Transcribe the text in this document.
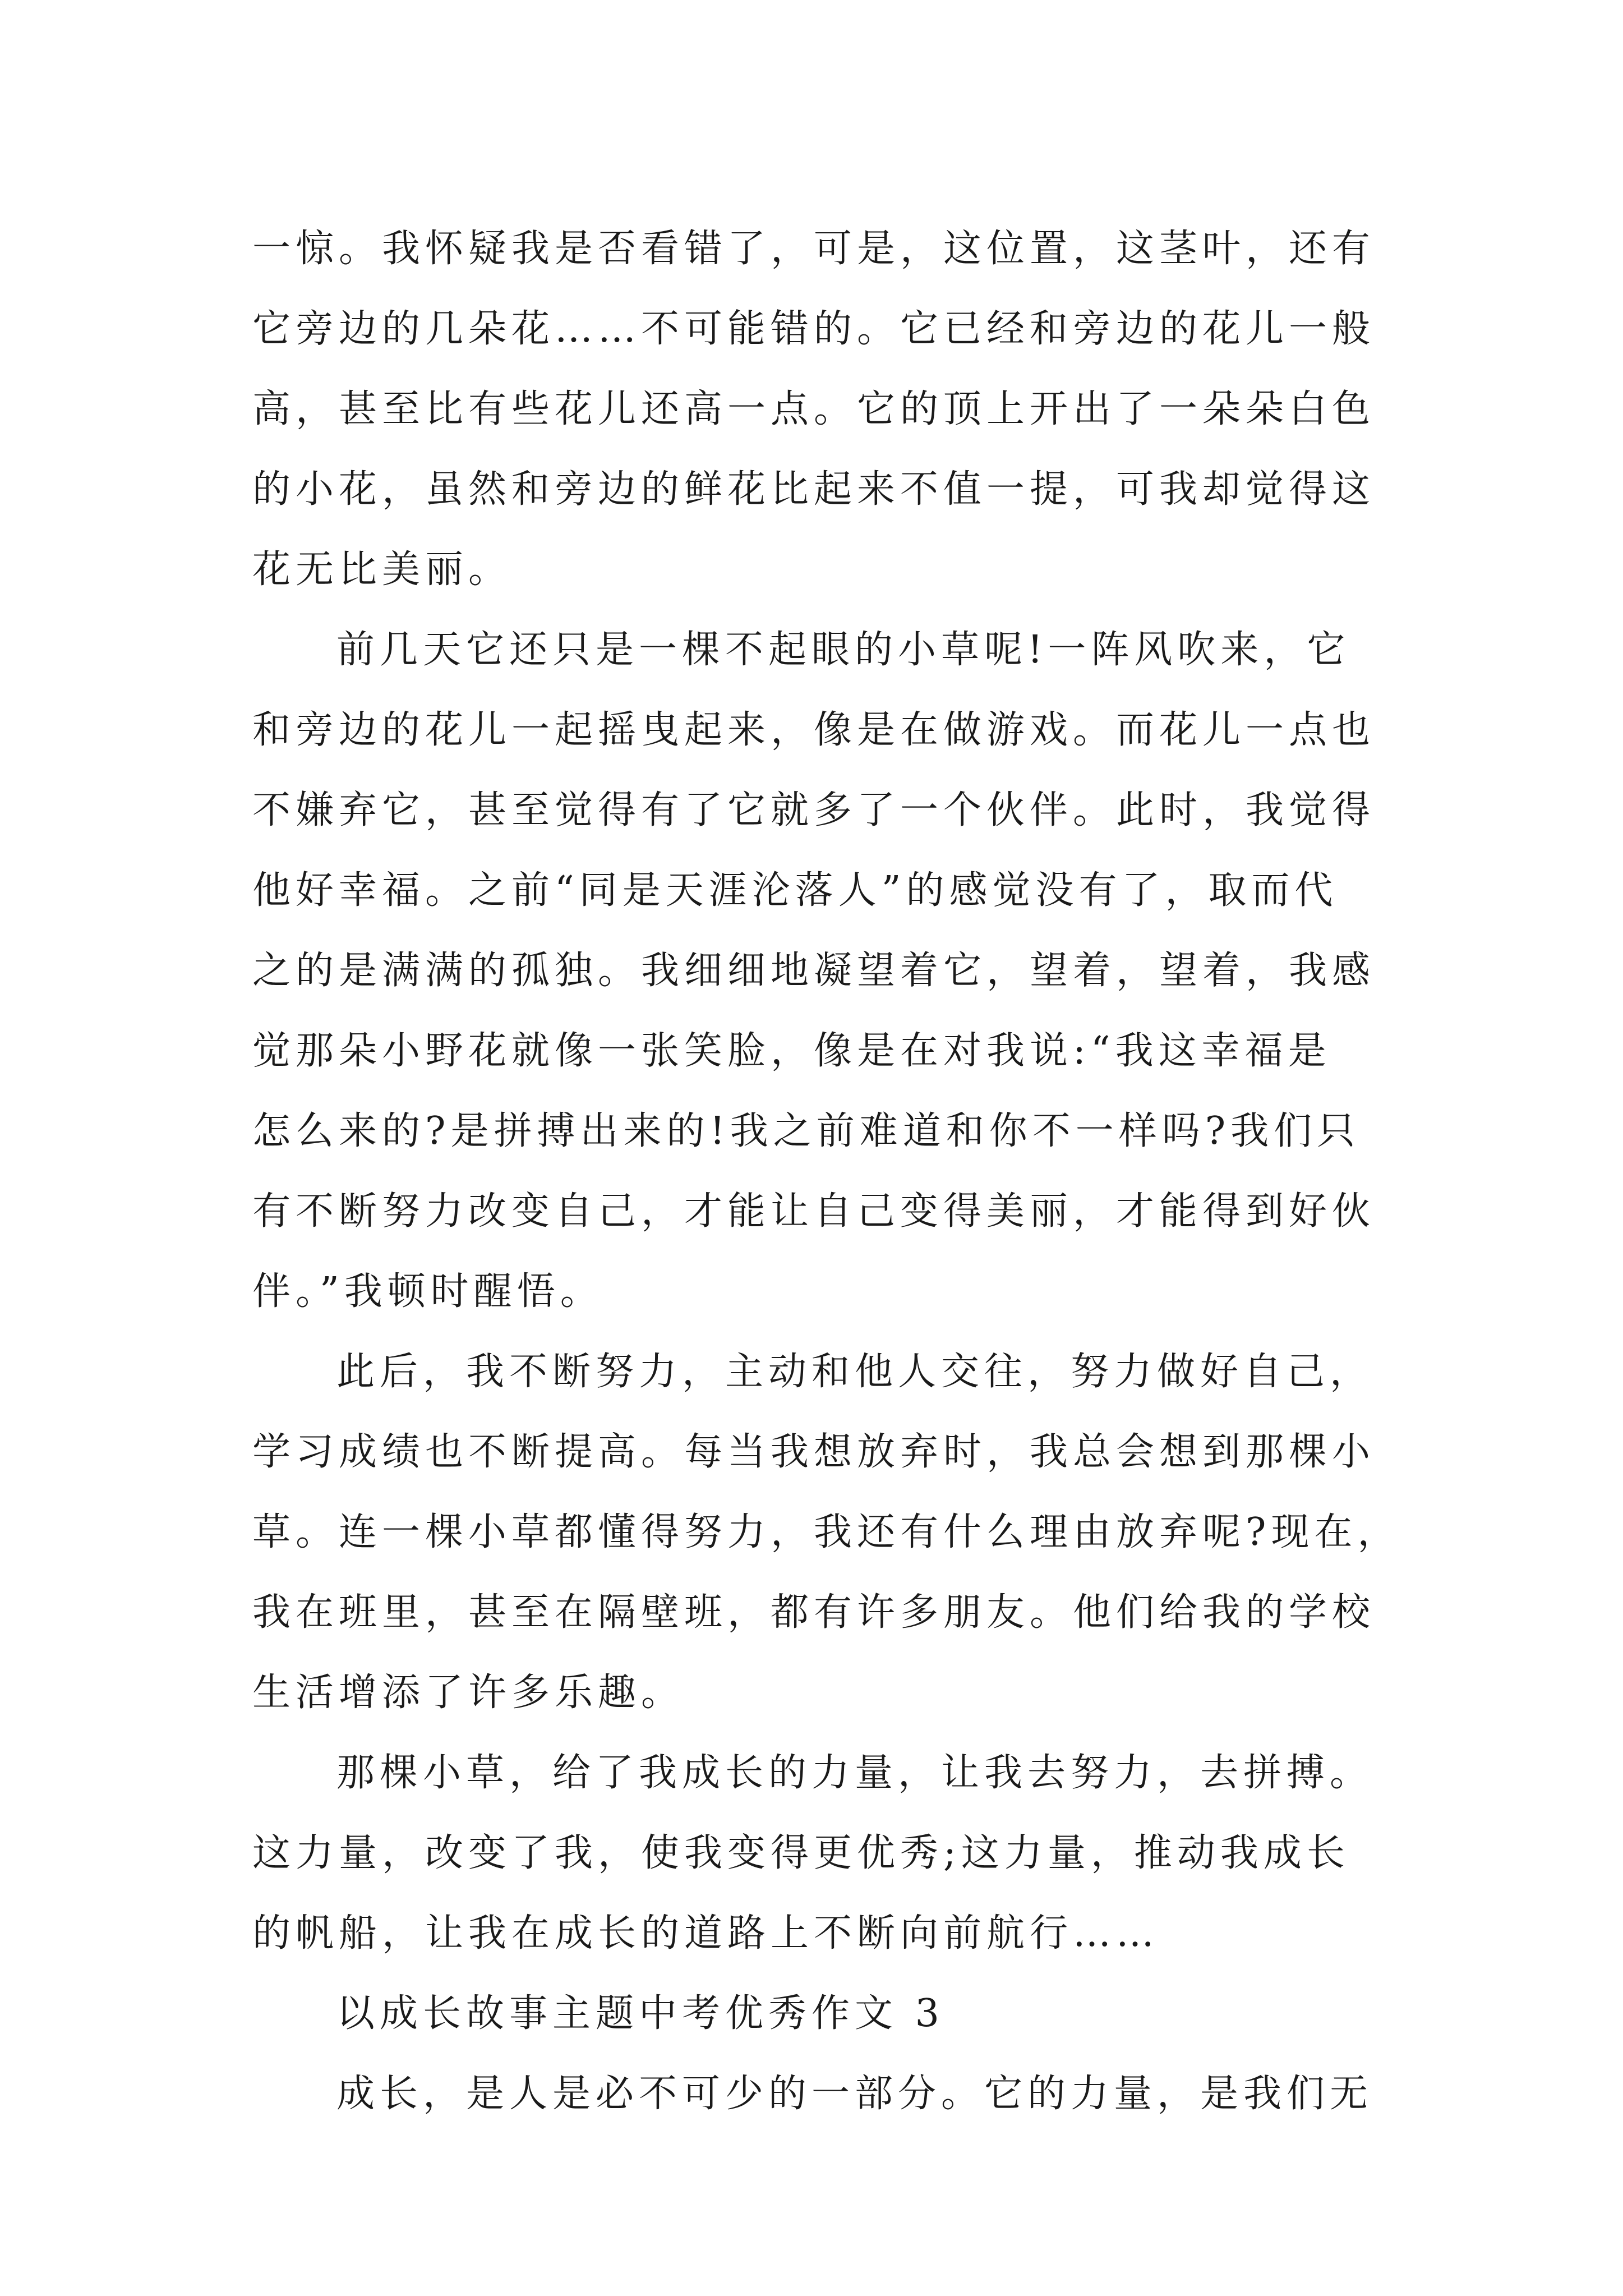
一惊。我怀疑我是否看错了，可是，这位置，这茎叶，还有
它旁边的几朵花……不可能错的。它已经和旁边的花儿一般
高，甚至比有些花儿还高一点。它的顶上开出了一朵朵白色
的小花，虽然和旁边的鲜花比起来不值一提，可我却觉得这
花无比美丽。
前几天它还只是一棵不起眼的小草呢!一阵风吹来，它
和旁边的花儿一起摇曳起来，像是在做游戏。而花儿一点也
不嫌弃它，甚至觉得有了它就多了一个伙伴。此时，我觉得
他好幸福。之前“同是天涯沦落人”的感觉没有了，取而代
之的是满满的孤独。我细细地凝望着它，望着，望着，我感
觉那朵小野花就像一张笑脸，像是在对我说:“我这幸福是
怎么来的?是拼搏出来的!我之前难道和你不一样吗?我们只
有不断努力改变自己，才能让自己变得美丽，才能得到好伙
伴。”我顿时醒悟。
此后，我不断努力，主动和他人交往，努力做好自己，
学习成绩也不断提高。每当我想放弃时，我总会想到那棵小
草。连一棵小草都懂得努力，我还有什么理由放弃呢?现在，
我在班里，甚至在隔壁班，都有许多朋友。他们给我的学校
生活增添了许多乐趣。
那棵小草，给了我成长的力量，让我去努力，去拼搏。
这力量，改变了我，使我变得更优秀;这力量，推动我成长
的帆船，让我在成长的道路上不断向前航行……
以成长故事主题中考优秀作文 3
成长，是人是必不可少的一部分。它的力量，是我们无
